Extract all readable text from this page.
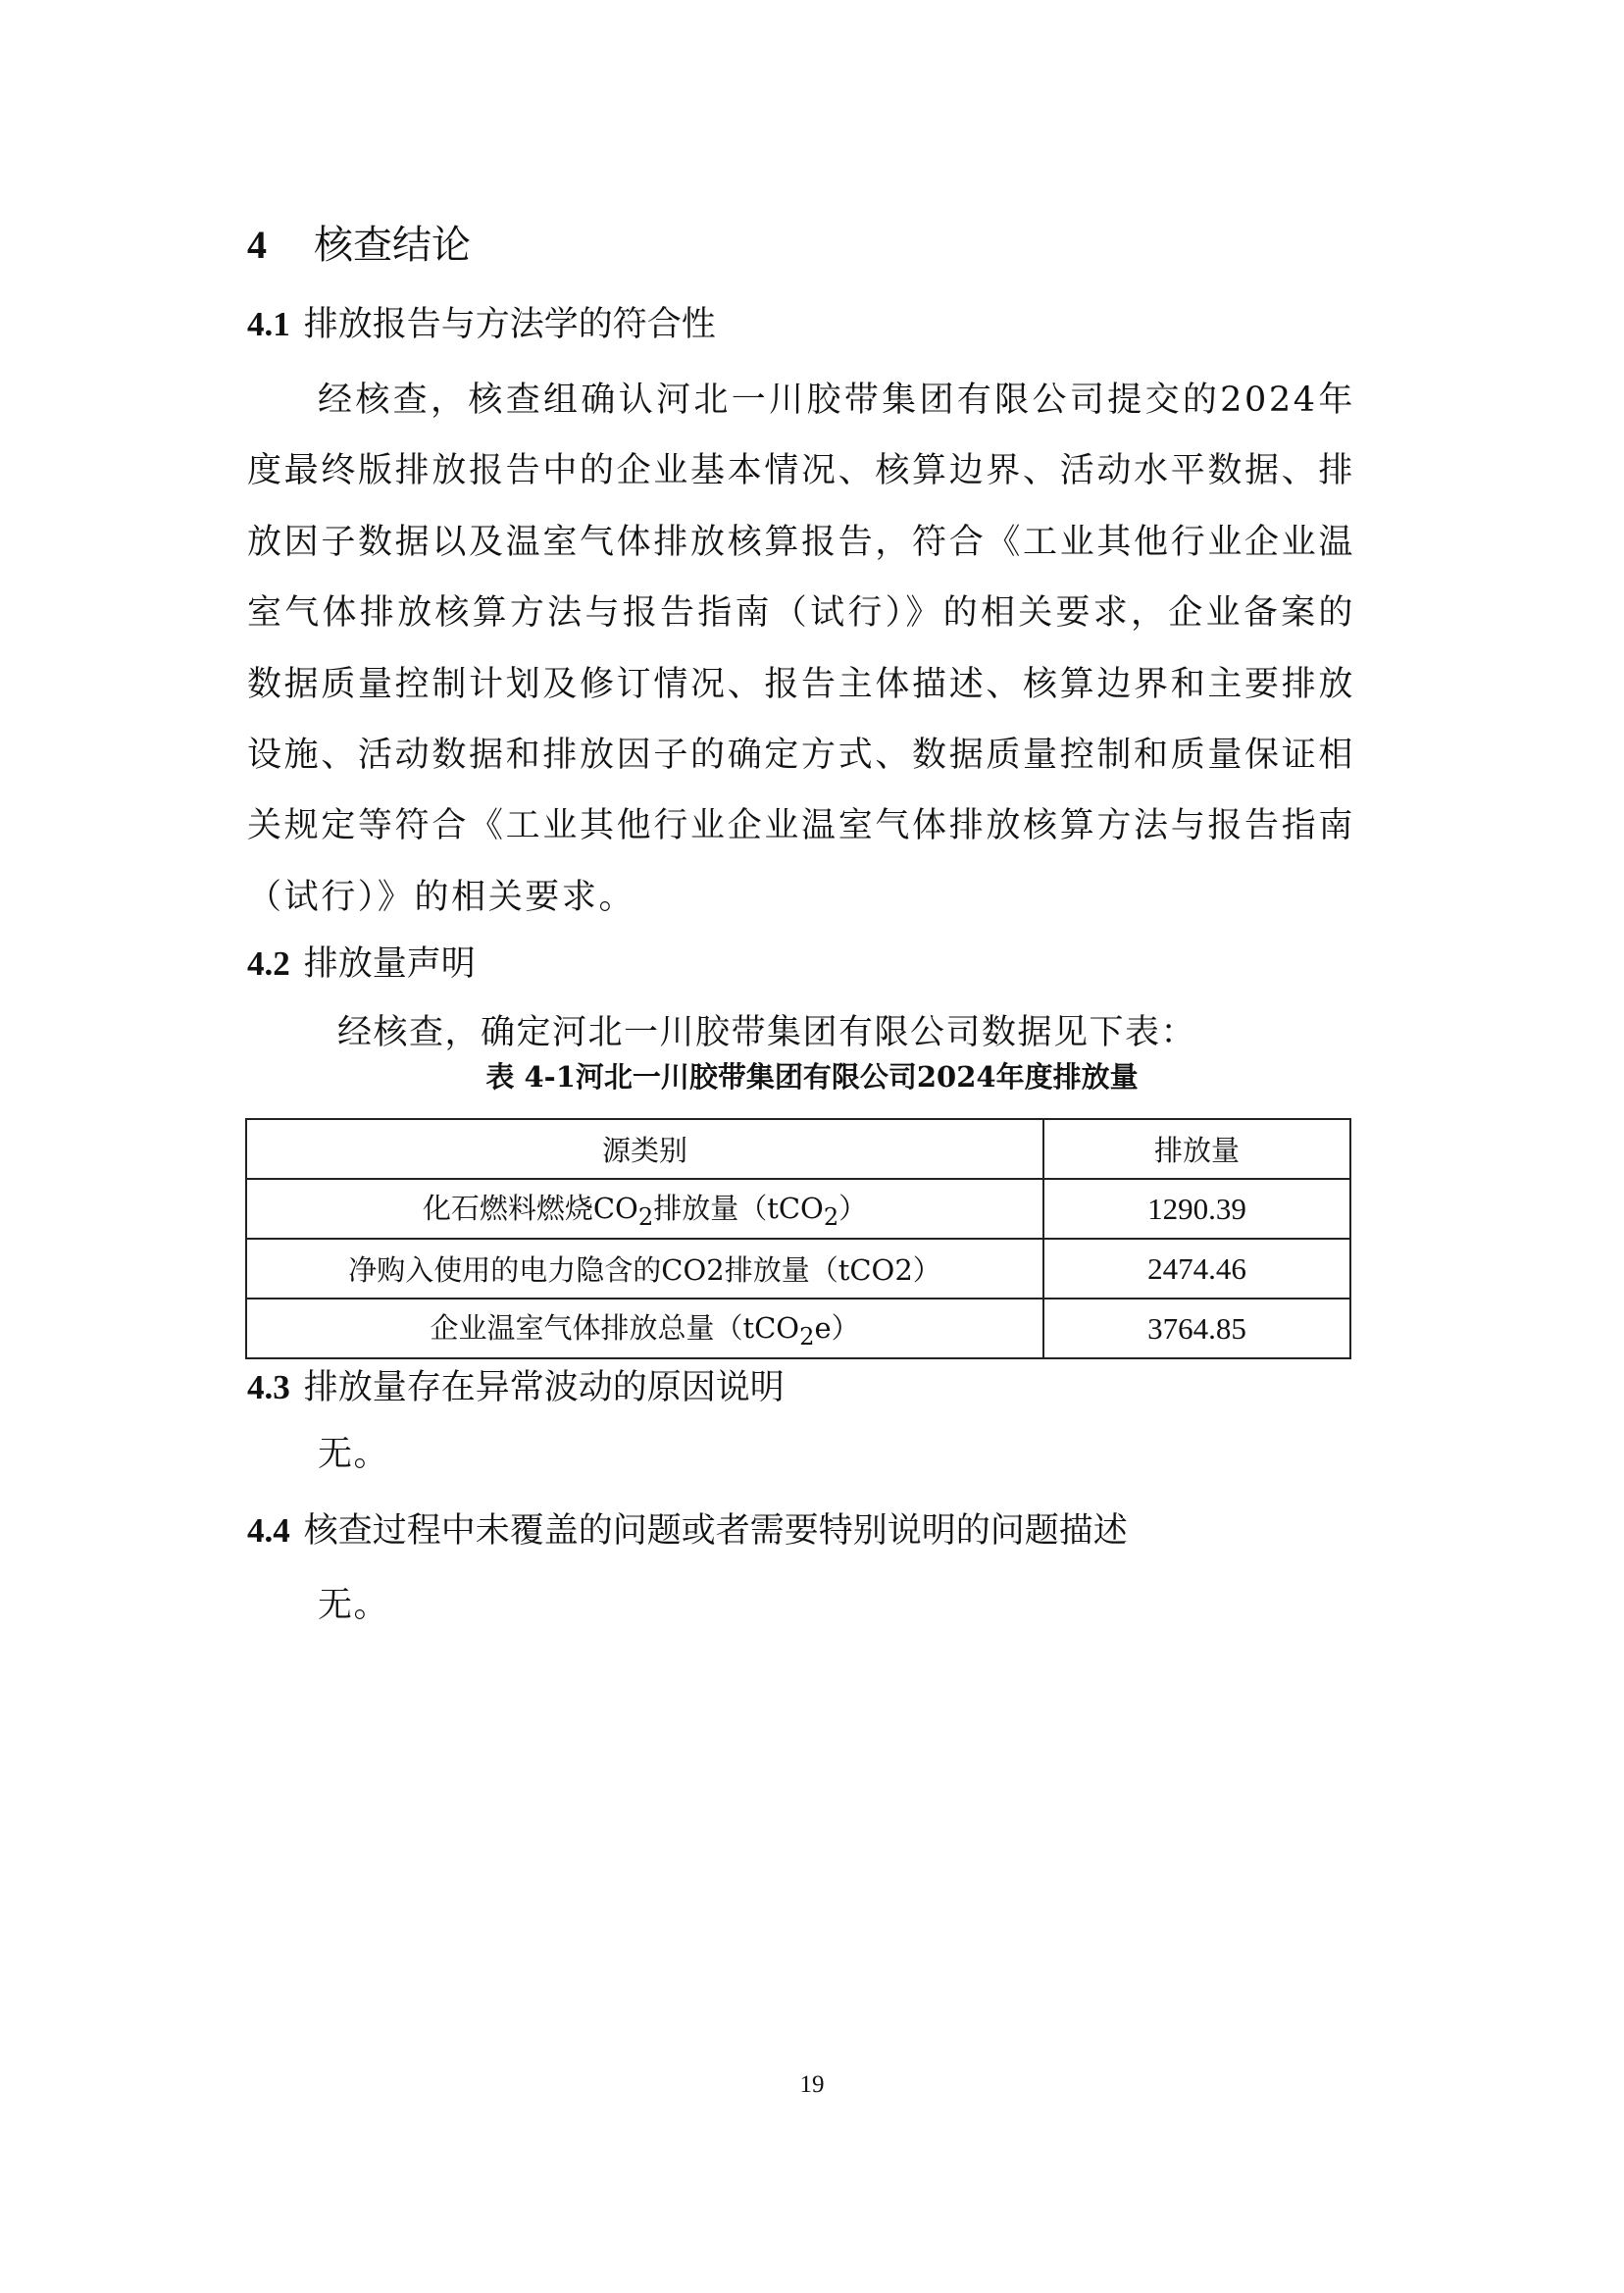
4 核查结论
4.1 排放报告与方法学的符合性

经核查，核查组确认河北一川胶带集团有限公司提交的2024年度最终版排放报告中的企业基本情况、核算边界、活动水平数据、排放因子数据以及温室气体排放核算报告，符合《工业其他行业企业温室气体排放核算方法与报告指南（试行）》的相关要求，企业备案的数据质量控制计划及修订情况、报告主体描述、核算边界和主要排放设施、活动数据和排放因子的确定方式、数据质量控制和质量保证相关规定等符合《工业其他行业企业温室气体排放核算方法与报告指南（试行）》的相关要求。

4.2 排放量声明
经核查，确定河北一川胶带集团有限公司数据见下表：
表 4-1河北一川胶带集团有限公司2024年度排放量
源类别	排放量
化石燃料燃烧$CO_2$排放量（tCO$_2$）	1290.39
净购入使用的电力隐含的CO2排放量（tCO2）	2474.46
企业温室气体排放总量（tCO$_2$e）	3764.85
4.3 排放量存在异常波动的原因说明
无。
4.4 核查过程中未覆盖的问题或者需要特别说明的问题描述
无。
19
